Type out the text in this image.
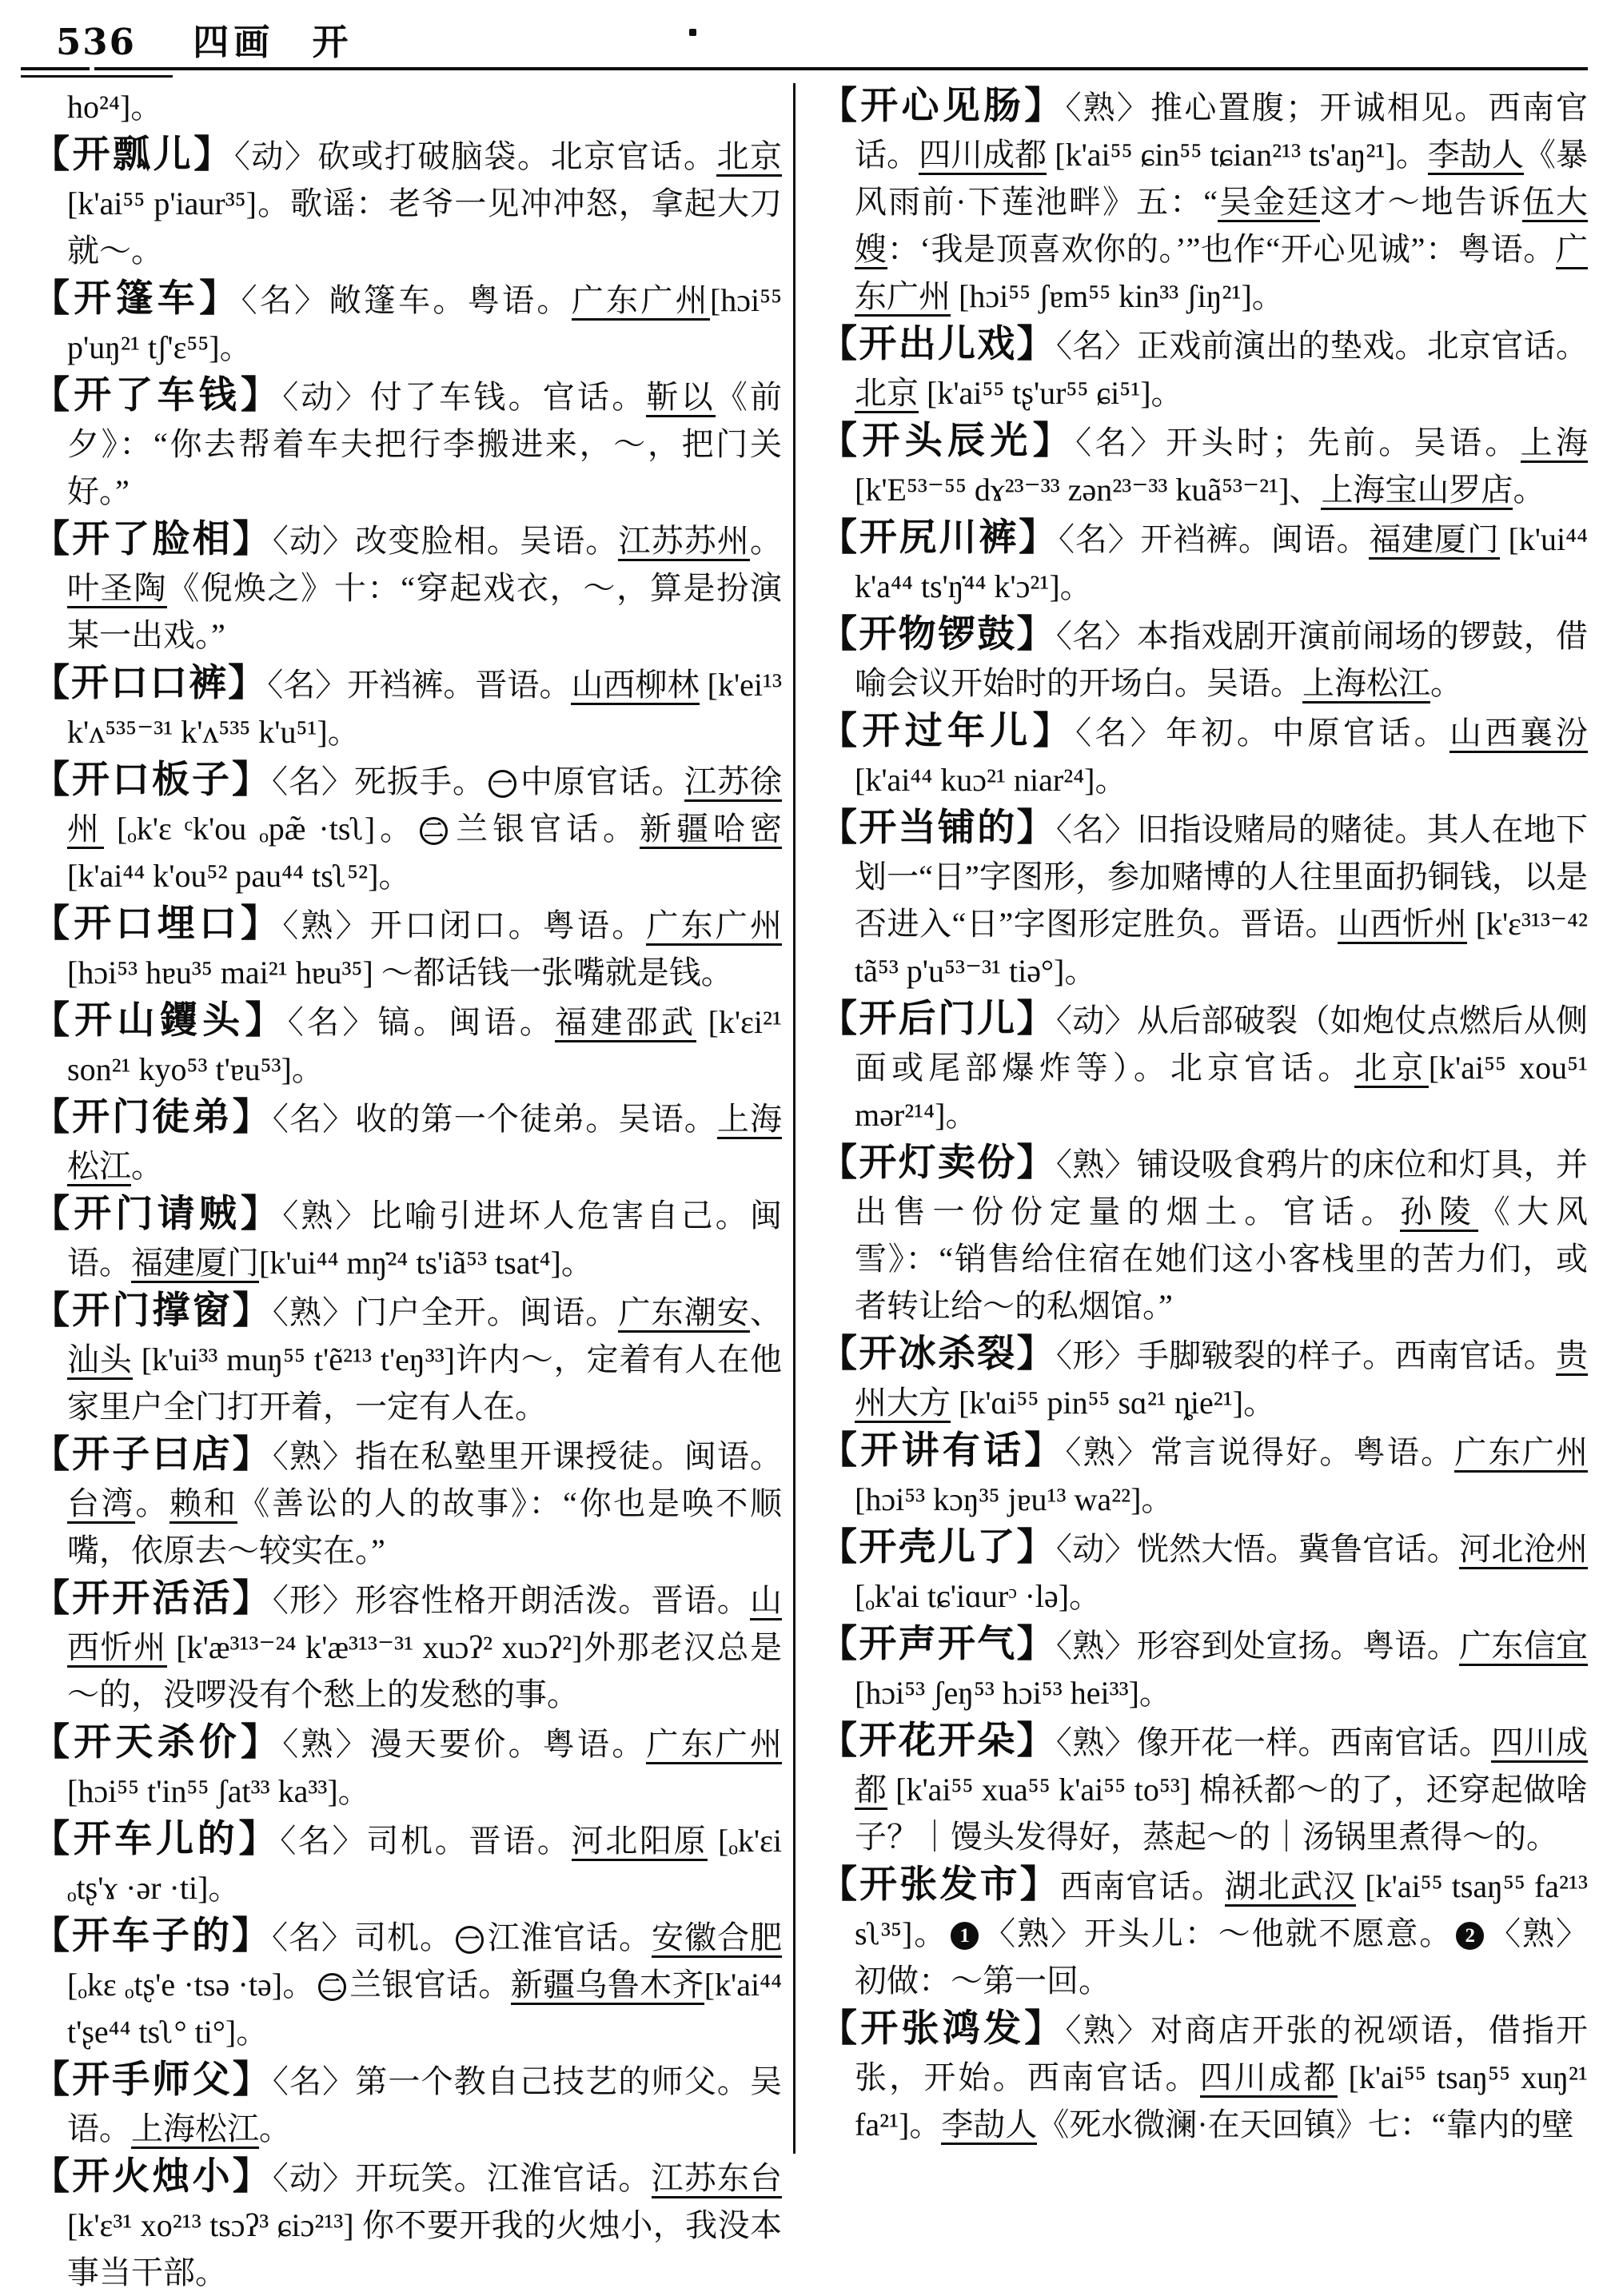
536 四画 开
ho²⁴]。
【开瓢儿】〈动〉砍或打破脑袋。北京官话。北京[k'ai⁵⁵ p'iaur³⁵]。歌谣：老爷一见冲冲怒，拿起大刀就～。
【开篷车】〈名〉敞篷车。粤语。广东广州[hɔi⁵⁵ p'uŋ²¹ tʃ'ɛ⁵⁵]。
【开了车钱】〈动〉付了车钱。官话。靳以《前夕》：“你去帮着车夫把行李搬进来，～，把门关好。”
【开了脸相】〈动〉改变脸相。吴语。江苏苏州。叶圣陶《倪焕之》十：“穿起戏衣，～，算是扮演某一出戏。”
【开口口裤】〈名〉开裆裤。晋语。山西柳林 [k'ei¹³ k'ʌ⁵³⁵⁻³¹ k'ʌ⁵³⁵ k'u⁵¹]。
【开口板子】〈名〉死扳手。 一 中原官话。江苏徐州 [ₒk'ɛ ᶜk'ou ₒpæ̃ ·tsʅ]。 二 兰银官话。新疆哈密 [k'ai⁴⁴ k'ou⁵² pau⁴⁴ tsʅ⁵²]。
【开口埋口】〈熟〉开口闭口。粤语。广东广州 [hɔi⁵³ hɐu³⁵ mai²¹ hɐu³⁵] ～都话钱一张嘴就是钱。
【开山钁头】〈名〉镐。闽语。福建邵武 [k'ɛi²¹ son²¹ kyo⁵³ t'ɐu⁵³]。
【开门徒弟】〈名〉收的第一个徒弟。吴语。上海松江。
【开门请贼】〈熟〉比喻引进坏人危害自己。闽语。福建厦门[k'ui⁴⁴ mŋ̇²⁴ ts'iã⁵³ tsat⁴]。
【开门撑窗】〈熟〉门户全开。闽语。广东潮安、汕头 [k'ui³³ muŋ⁵⁵ t'ẽ²¹³ t'eŋ³³]许内～，定着有人在他家里户全门打开着，一定有人在。
【开子曰店】〈熟〉指在私塾里开课授徒。闽语。台湾。赖和《善讼的人的故事》：“你也是唤不顺嘴，依原去～较实在。”
【开开活活】〈形〉形容性格开朗活泼。晋语。山西忻州 [k'æ³¹³⁻²⁴ k'æ³¹³⁻³¹ xuɔʔ² xuɔʔ²]外那老汉总是～的，没啰没有个愁上的发愁的事。
【开天杀价】〈熟〉漫天要价。粤语。广东广州 [hɔi⁵⁵ t'in⁵⁵ ʃat³³ ka³³]。
【开车儿的】〈名〉司机。晋语。河北阳原 [ₒk'ɛi ₒtʂ'ɤ ·ər ·ti]。
【开车子的】〈名〉司机。 一 江淮官话。安徽合肥[ₒkɛ ₒtʂ'e ·tsə ·tə]。 二 兰银官话。新疆乌鲁木齐[k'ai⁴⁴ t'ʂe⁴⁴ tsʅ° ti°]。
【开手师父】〈名〉第一个教自己技艺的师父。吴语。上海松江。
【开火烛小】〈动〉开玩笑。江淮官话。江苏东台 [k'ɛ³¹ xo²¹³ tsɔʔ³ ɕiɔ²¹³] 你不要开我的火烛小，我没本事当干部。
【开心见肠】〈熟〉推心置腹；开诚相见。西南官话。四川成都 [k'ai⁵⁵ ɕin⁵⁵ tɕian²¹³ ts'aŋ²¹]。李劼人《暴风雨前·下莲池畔》五：“吴金廷这才～地告诉伍大嫂：‘我是顶喜欢你的。’”也作“开心见诚”：粤语。广东广州 [hɔi⁵⁵ ʃɐm⁵⁵ kin³³ ʃiŋ²¹]。
【开出儿戏】〈名〉正戏前演出的垫戏。北京官话。北京 [k'ai⁵⁵ tʂ'ur⁵⁵ ɕi⁵¹]。
【开头辰光】〈名〉开头时；先前。吴语。上海[k'E⁵³⁻⁵⁵ dɤ²³⁻³³ zən²³⁻³³ kuã⁵³⁻²¹]、上海宝山罗店。
【开尻川裤】〈名〉开裆裤。闽语。福建厦门 [k'ui⁴⁴ k'a⁴⁴ ts'ŋ̇⁴⁴ k'ɔ²¹]。
【开物锣鼓】〈名〉本指戏剧开演前闹场的锣鼓，借喻会议开始时的开场白。吴语。上海松江。
【开过年儿】〈名〉年初。中原官话。山西襄汾 [k'ai⁴⁴ kuɔ²¹ niar²⁴]。
【开当铺的】〈名〉旧指设赌局的赌徒。其人在地下划一“日”字图形，参加赌博的人往里面扔铜钱，以是否进入“日”字图形定胜负。晋语。山西忻州 [k'ɛ³¹³⁻⁴² tã⁵³ p'u⁵³⁻³¹ tiə°]。
【开后门儿】〈动〉从后部破裂（如炮仗点燃后从侧面或尾部爆炸等）。北京官话。北京[k'ai⁵⁵ xou⁵¹ mər²¹⁴]。
【开灯卖份】〈熟〉铺设吸食鸦片的床位和灯具，并出售一份份定量的烟土。官话。孙陵《大风雪》：“销售给住宿在她们这小客栈里的苦力们，或者转让给～的私烟馆。”
【开冰杀裂】〈形〉手脚皲裂的样子。西南官话。贵州大方 [k'ɑi⁵⁵ pin⁵⁵ sɑ²¹ ȵie²¹]。
【开讲有话】〈熟〉常言说得好。粤语。广东广州[hɔi⁵³ kɔŋ³⁵ jɐu¹³ wa²²]。
【开壳儿了】〈动〉恍然大悟。冀鲁官话。河北沧州 [ₒk'ai tɕ'iɑurᵓ ·lə]。
【开声开气】〈熟〉形容到处宣扬。粤语。广东信宜 [hɔi⁵³ ʃeŋ⁵³ hɔi⁵³ hei³³]。
【开花开朵】〈熟〉像开花一样。西南官话。四川成都 [k'ai⁵⁵ xua⁵⁵ k'ai⁵⁵ to⁵³] 棉袄都～的了，还穿起做啥子？｜馒头发得好，蒸起～的｜汤锅里煮得～的。
【开张发市】西南官话。湖北武汉 [k'ai⁵⁵ tsaŋ⁵⁵ fa²¹³ sʅ³⁵]。 1 〈熟〉开头儿：～他就不愿意。 2 〈熟〉初做：～第一回。
【开张鸿发】〈熟〉对商店开张的祝颂语，借指开张，开始。西南官话。四川成都 [k'ai⁵⁵ tsaŋ⁵⁵ xuŋ²¹ fa²¹]。李劼人《死水微澜·在天回镇》七：“靠内的壁
